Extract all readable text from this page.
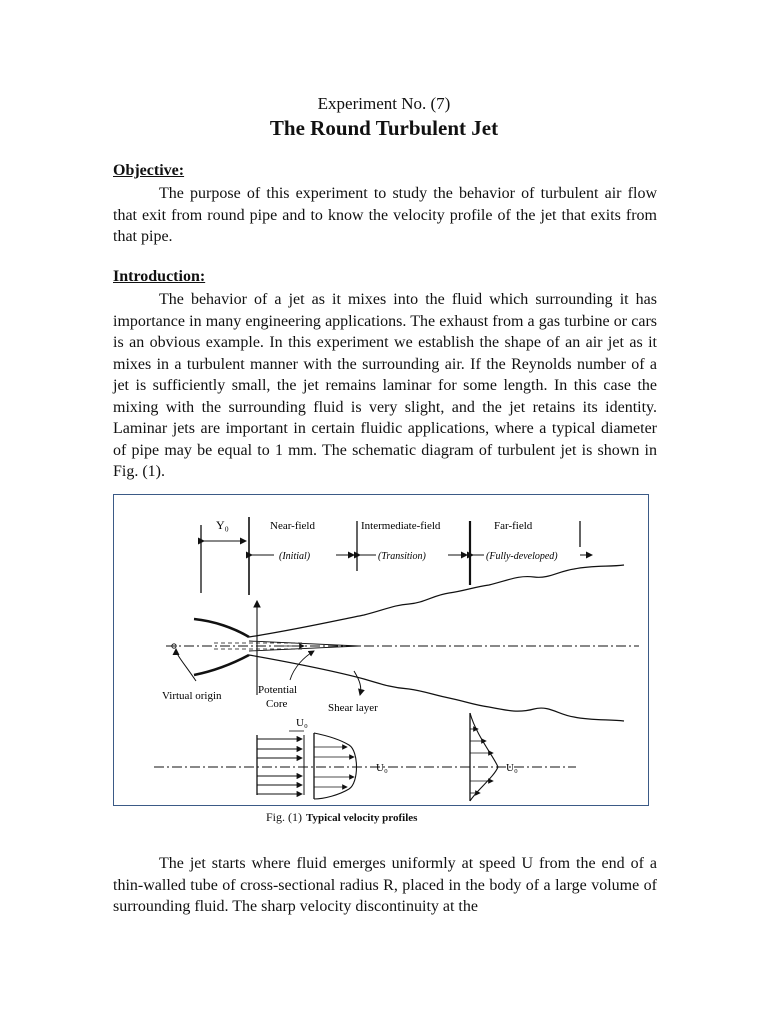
Experiment No. (7)
The Round Turbulent Jet
Objective:

The purpose of this experiment to study the behavior of turbulent air flow that exit from round pipe and to know the velocity profile of the jet that exits from that pipe.

Introduction:

The behavior of a jet as it mixes into the fluid which surrounding it has importance in many engineering applications. The exhaust from a gas turbine or cars is an obvious example. In this experiment we establish the shape of an air jet as it mixes in a turbulent manner with the surrounding air. If the Reynolds number of a jet is sufficiently small, the jet remains laminar for some length. In this case the mixing with the surrounding fluid is very slight, and the jet retains its identity. Laminar jets are important in certain fluidic applications, where a typical diameter of pipe may be equal to 1 mm. The schematic diagram of turbulent jet is shown in Fig. (1).

Y₀	Near-field	Intermediate-field	Far-field
(Initial)	(Transition)	(Fully-developed)
Virtual origin	Potential
Core	Shear layer
U₀
U₀	U₀
Fig. (1) Typical velocity profiles

The jet starts where fluid emerges uniformly at speed U from the end of a thin-walled tube of cross-sectional radius R, placed in the body of a large volume of surrounding fluid. The sharp velocity discontinuity at the
